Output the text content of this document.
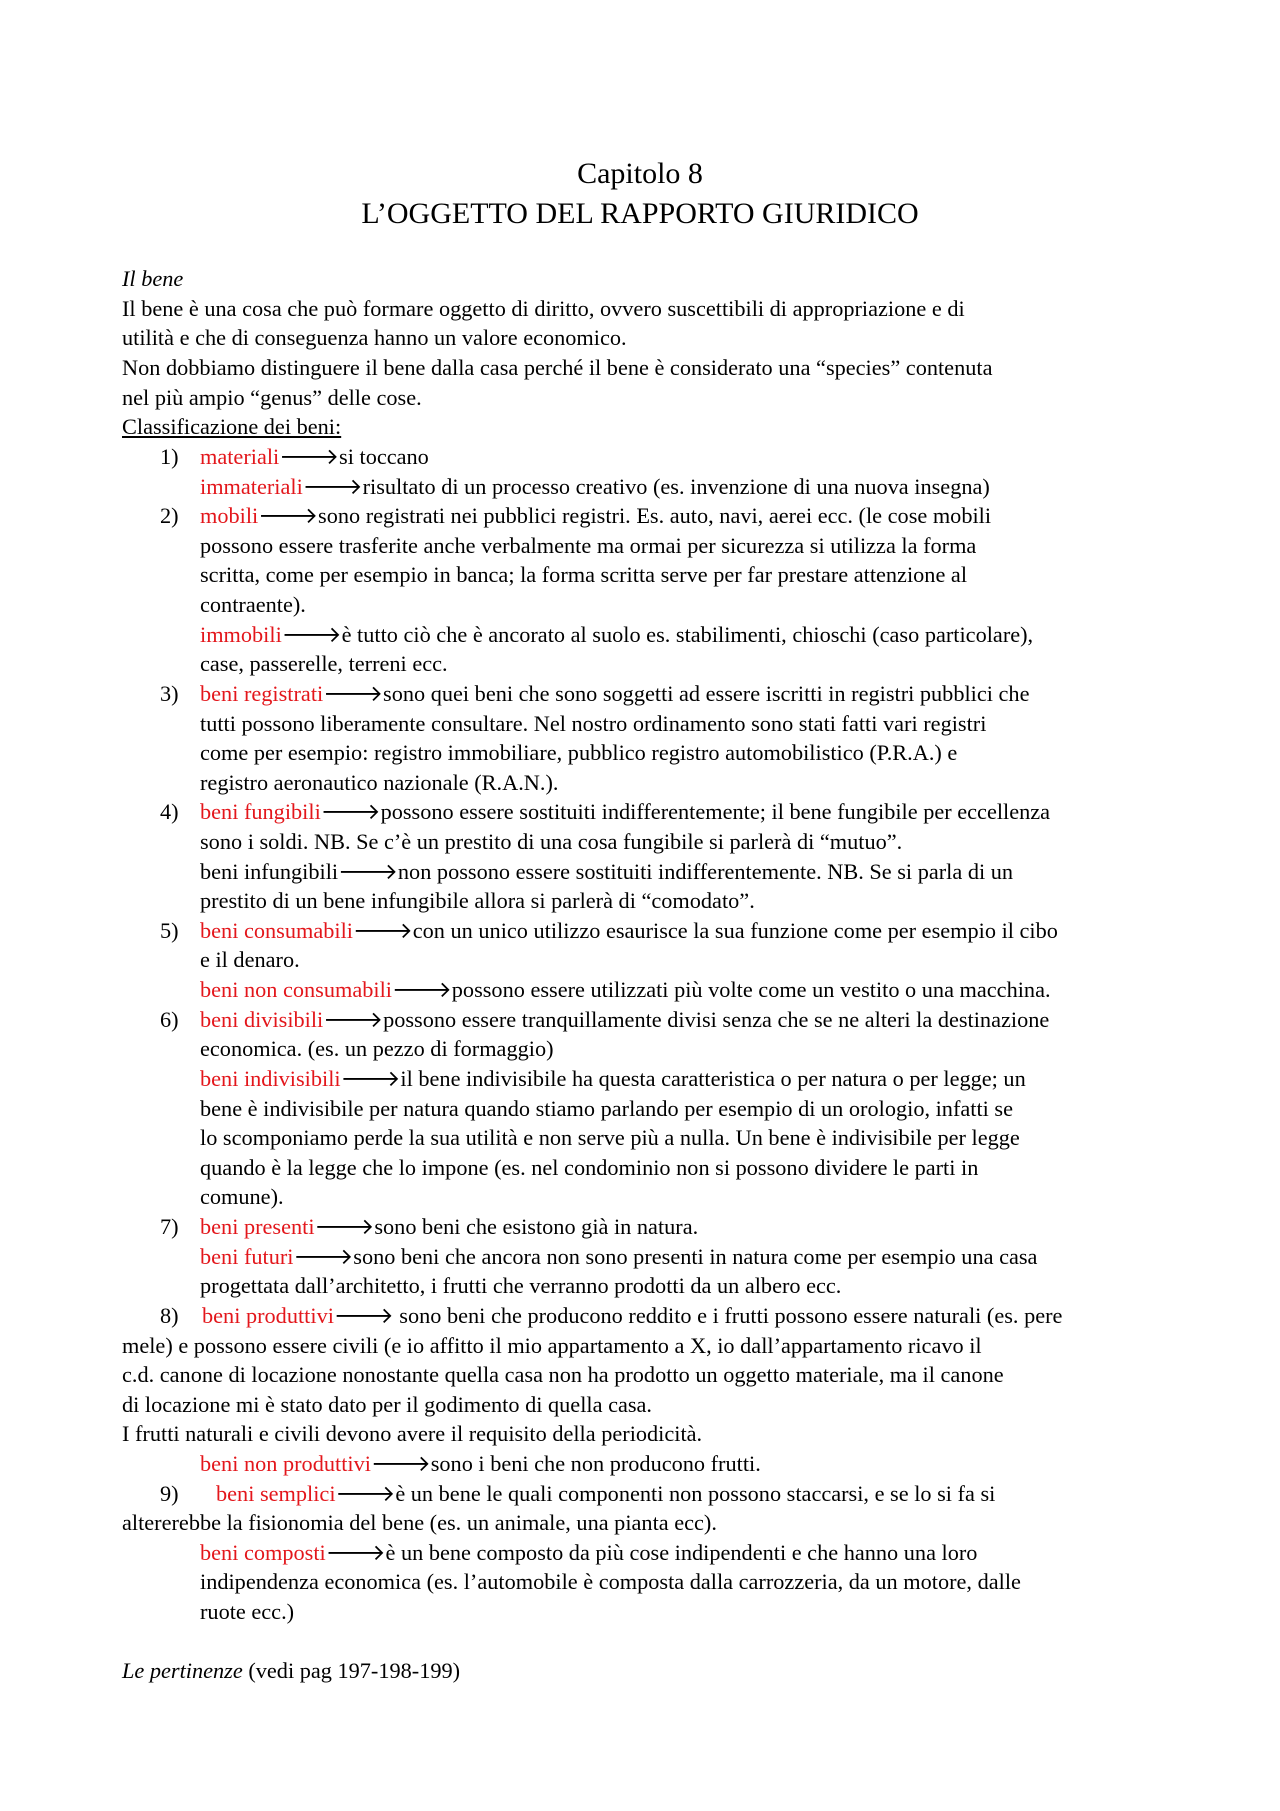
Capitolo 8
L’OGGETTO DEL RAPPORTO GIURIDICO
Il bene
Il bene è una cosa che può formare oggetto di diritto, ovvero suscettibili di appropriazione e di
utilità e che di conseguenza hanno un valore economico.
Non dobbiamo distinguere il bene dalla casa perché il bene è considerato una “species” contenuta
nel più ampio “genus” delle cose.
Classificazione dei beni:
1) materiali🡒si toccano
immateriali🡒risultato di un processo creativo (es. invenzione di una nuova insegna)
2) mobili🡒sono registrati nei pubblici registri. Es. auto, navi, aerei ecc. (le cose mobili
possono essere trasferite anche verbalmente ma ormai per sicurezza si utilizza la forma
scritta, come per esempio in banca; la forma scritta serve per far prestare attenzione al
contraente).
immobili🡒è tutto ciò che è ancorato al suolo es. stabilimenti, chioschi (caso particolare),
case, passerelle, terreni ecc.
3) beni registrati🡒sono quei beni che sono soggetti ad essere iscritti in registri pubblici che
tutti possono liberamente consultare. Nel nostro ordinamento sono stati fatti vari registri
come per esempio: registro immobiliare, pubblico registro automobilistico (P.R.A.) e
registro aeronautico nazionale (R.A.N.).
4) beni fungibili🡒possono essere sostituiti indifferentemente; il bene fungibile per eccellenza
sono i soldi. NB. Se c’è un prestito di una cosa fungibile si parlerà di “mutuo”.
beni infungibili🡒non possono essere sostituiti indifferentemente. NB. Se si parla di un
prestito di un bene infungibile allora si parlerà di “comodato”.
5) beni consumabili🡒con un unico utilizzo esaurisce la sua funzione come per esempio il cibo
e il denaro.
beni non consumabili🡒possono essere utilizzati più volte come un vestito o una macchina.
6) beni divisibili🡒possono essere tranquillamente divisi senza che se ne alteri la destinazione
economica. (es. un pezzo di formaggio)
beni indivisibili🡒il bene indivisibile ha questa caratteristica o per natura o per legge; un
bene è indivisibile per natura quando stiamo parlando per esempio di un orologio, infatti se
lo scomponiamo perde la sua utilità e non serve più a nulla. Un bene è indivisibile per legge
quando è la legge che lo impone (es. nel condominio non si possono dividere le parti in
comune).
7) beni presenti🡒sono beni che esistono già in natura.
beni futuri🡒sono beni che ancora non sono presenti in natura come per esempio una casa
progettata dall’architetto, i frutti che verranno prodotti da un albero ecc.
8) beni produttivi🡒 sono beni che producono reddito e i frutti possono essere naturali (es. pere
mele) e possono essere civili (e io affitto il mio appartamento a X, io dall’appartamento ricavo il
c.d. canone di locazione nonostante quella casa non ha prodotto un oggetto materiale, ma il canone
di locazione mi è stato dato per il godimento di quella casa.
I frutti naturali e civili devono avere il requisito della periodicità.
beni non produttivi🡒sono i beni che non producono frutti.
9) beni semplici🡒è un bene le quali componenti non possono staccarsi, e se lo si fa si
altererebbe la fisionomia del bene (es. un animale, una pianta ecc).
beni composti🡒è un bene composto da più cose indipendenti e che hanno una loro
indipendenza economica (es. l’automobile è composta dalla carrozzeria, da un motore, dalle
ruote ecc.)
Le pertinenze (vedi pag 197-198-199)
